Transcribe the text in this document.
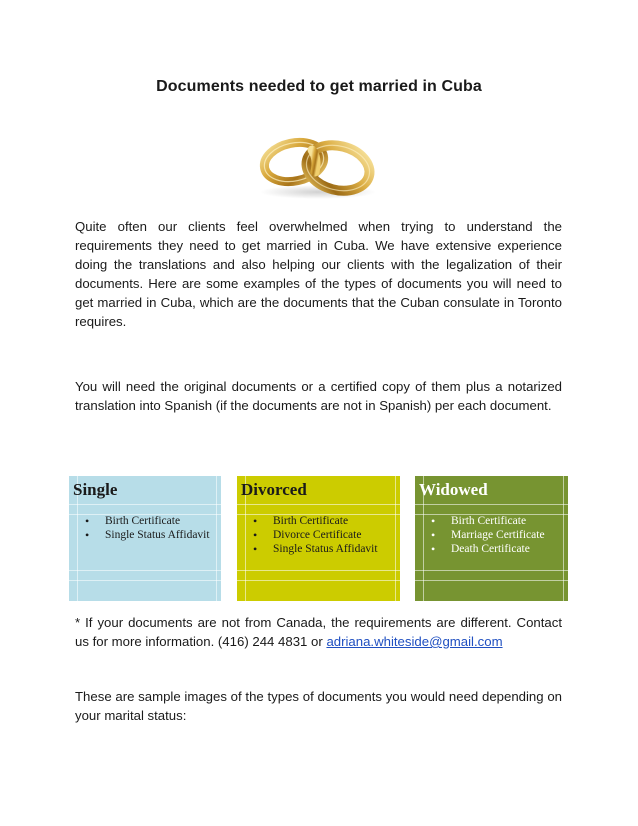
Documents needed to get married in Cuba
Quite often our clients feel overwhelmed when trying to understand the requirements they need to get married in Cuba. We have extensive experience doing the translations and also helping our clients with the legalization of their documents. Here are some examples of the types of documents you will need to get married in Cuba, which are the documents that the Cuban consulate in Toronto requires.
You will need the original documents or a certified copy of them plus a notarized translation into Spanish (if the documents are not in Spanish) per each document.
Single
• Birth Certificate
• Single Status Affidavit
Divorced
• Birth Certificate
• Divorce Certificate
• Single Status Affidavit
Widowed
• Birth Certificate
• Marriage Certificate
• Death Certificate
* If your documents are not from Canada, the requirements are different. Contact us for more information. (416) 244 4831 or adriana.whiteside@gmail.com
These are sample images of the types of documents you would need depending on your marital status:
